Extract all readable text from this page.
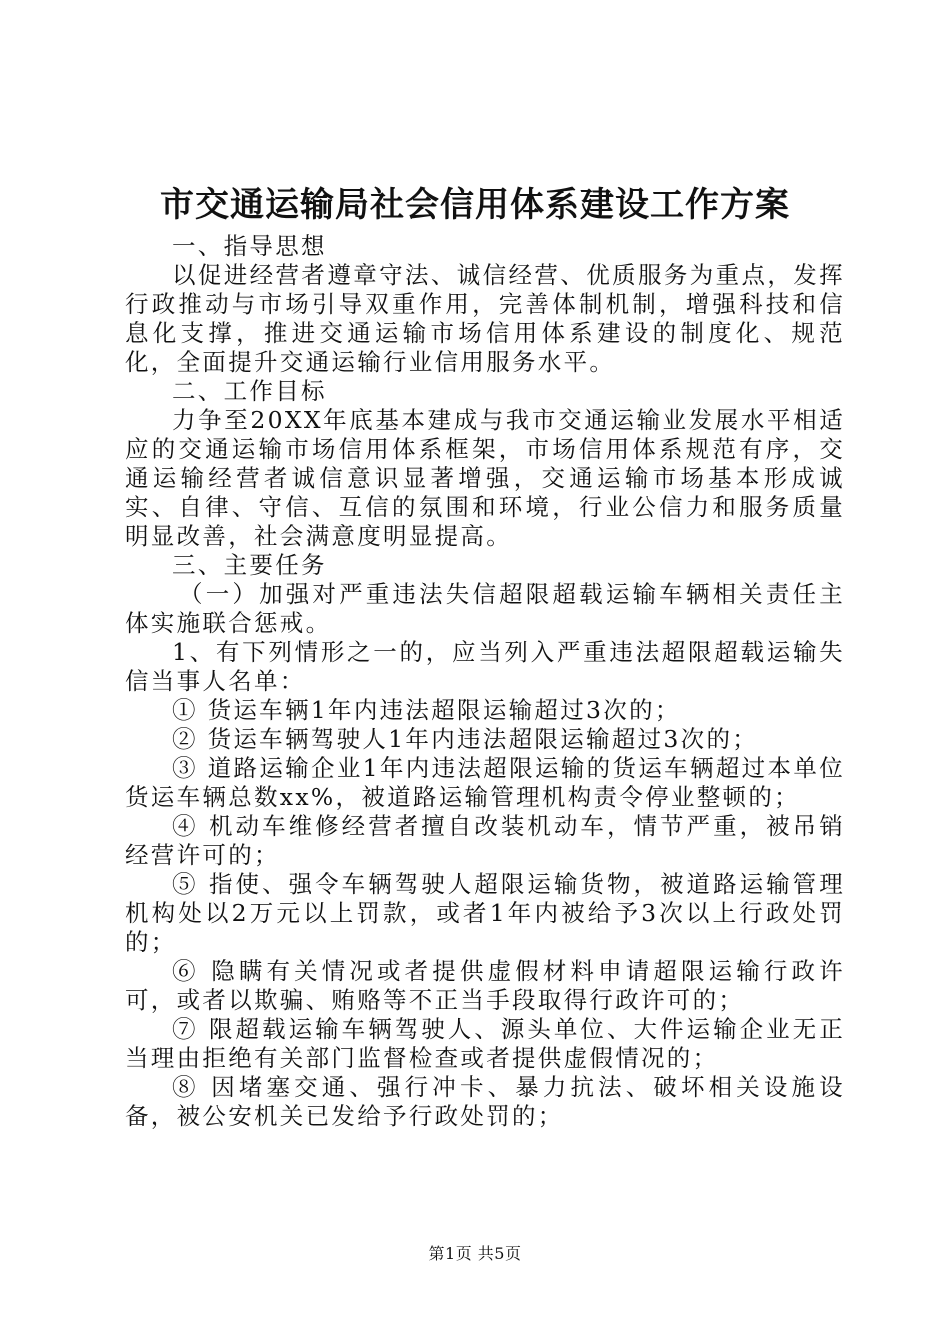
市交通运输局社会信用体系建设工作方案

一、指导思想

以促进经营者遵章守法、诚信经营、优质服务为重点，发挥行政推动与市场引导双重作用，完善体制机制，增强科技和信息化支撑，推进交通运输市场信用体系建设的制度化、规范化，全面提升交通运输行业信用服务水平。

二、工作目标

力争至20XX年底基本建成与我市交通运输业发展水平相适应的交通运输市场信用体系框架，市场信用体系规范有序，交通运输经营者诚信意识显著增强，交通运输市场基本形成诚实、自律、守信、互信的氛围和环境，行业公信力和服务质量明显改善，社会满意度明显提高。

三、主要任务

（一）加强对严重违法失信超限超载运输车辆相关责任主体实施联合惩戒。

1、有下列情形之一的，应当列入严重违法超限超载运输失信当事人名单：

① 货运车辆1年内违法超限运输超过3次的；

② 货运车辆驾驶人1年内违法超限运输超过3次的；

③ 道路运输企业1年内违法超限运输的货运车辆超过本单位货运车辆总数xx%，被道路运输管理机构责令停业整顿的；

④ 机动车维修经营者擅自改装机动车，情节严重，被吊销经营许可的；

⑤ 指使、强令车辆驾驶人超限运输货物，被道路运输管理机构处以2万元以上罚款，或者1年内被给予3次以上行政处罚的；

⑥ 隐瞒有关情况或者提供虚假材料申请超限运输行政许可，或者以欺骗、贿赂等不正当手段取得行政许可的；

⑦ 限超载运输车辆驾驶人、源头单位、大件运输企业无正当理由拒绝有关部门监督检查或者提供虚假情况的；

⑧ 因堵塞交通、强行冲卡、暴力抗法、破坏相关设施设备，被公安机关已发给予行政处罚的；

第1页 共5页
